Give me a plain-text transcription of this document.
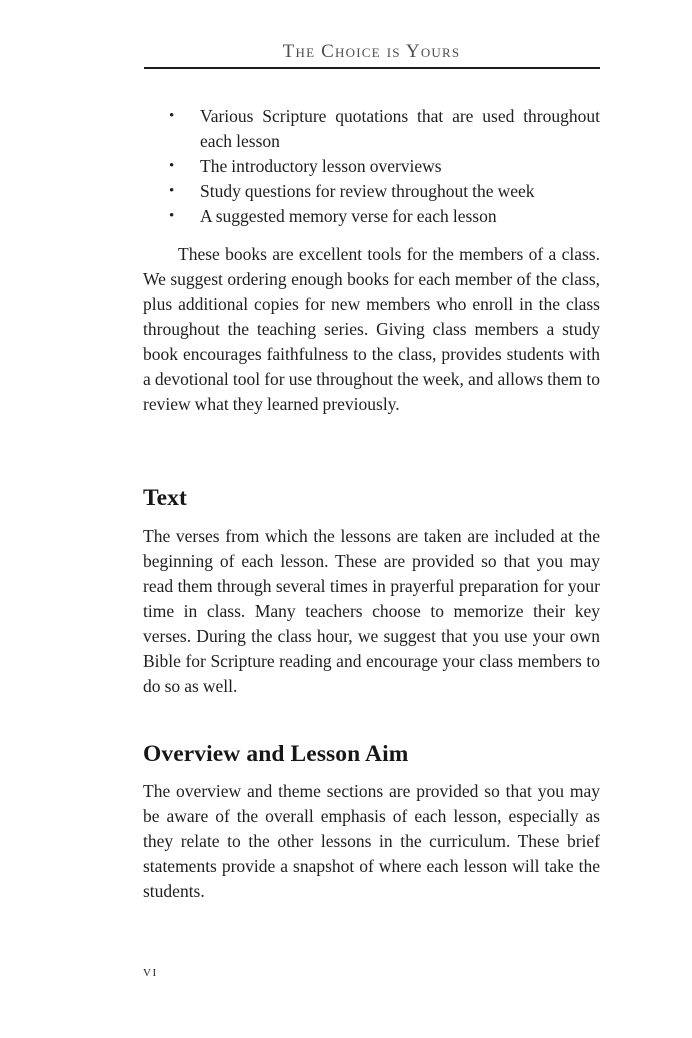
The Choice is Yours
• Various Scripture quotations that are used throughout each lesson
• The introductory lesson overviews
• Study questions for review throughout the week
• A suggested memory verse for each lesson

These books are excellent tools for the members of a class. We suggest ordering enough books for each member of the class, plus additional copies for new members who enroll in the class throughout the teaching series. Giving class members a study book encourages faithfulness to the class, provides students with a devotional tool for use throughout the week, and allows them to review what they learned previously.

Text

The verses from which the lessons are taken are included at the beginning of each lesson. These are provided so that you may read them through several times in prayerful preparation for your time in class. Many teachers choose to memorize their key verses. During the class hour, we suggest that you use your own Bible for Scripture reading and encourage your class members to do so as well.

Overview and Lesson Aim

The overview and theme sections are provided so that you may be aware of the overall emphasis of each lesson, especially as they relate to the other lessons in the curriculum. These brief statements provide a snapshot of where each lesson will take the students.

vi
